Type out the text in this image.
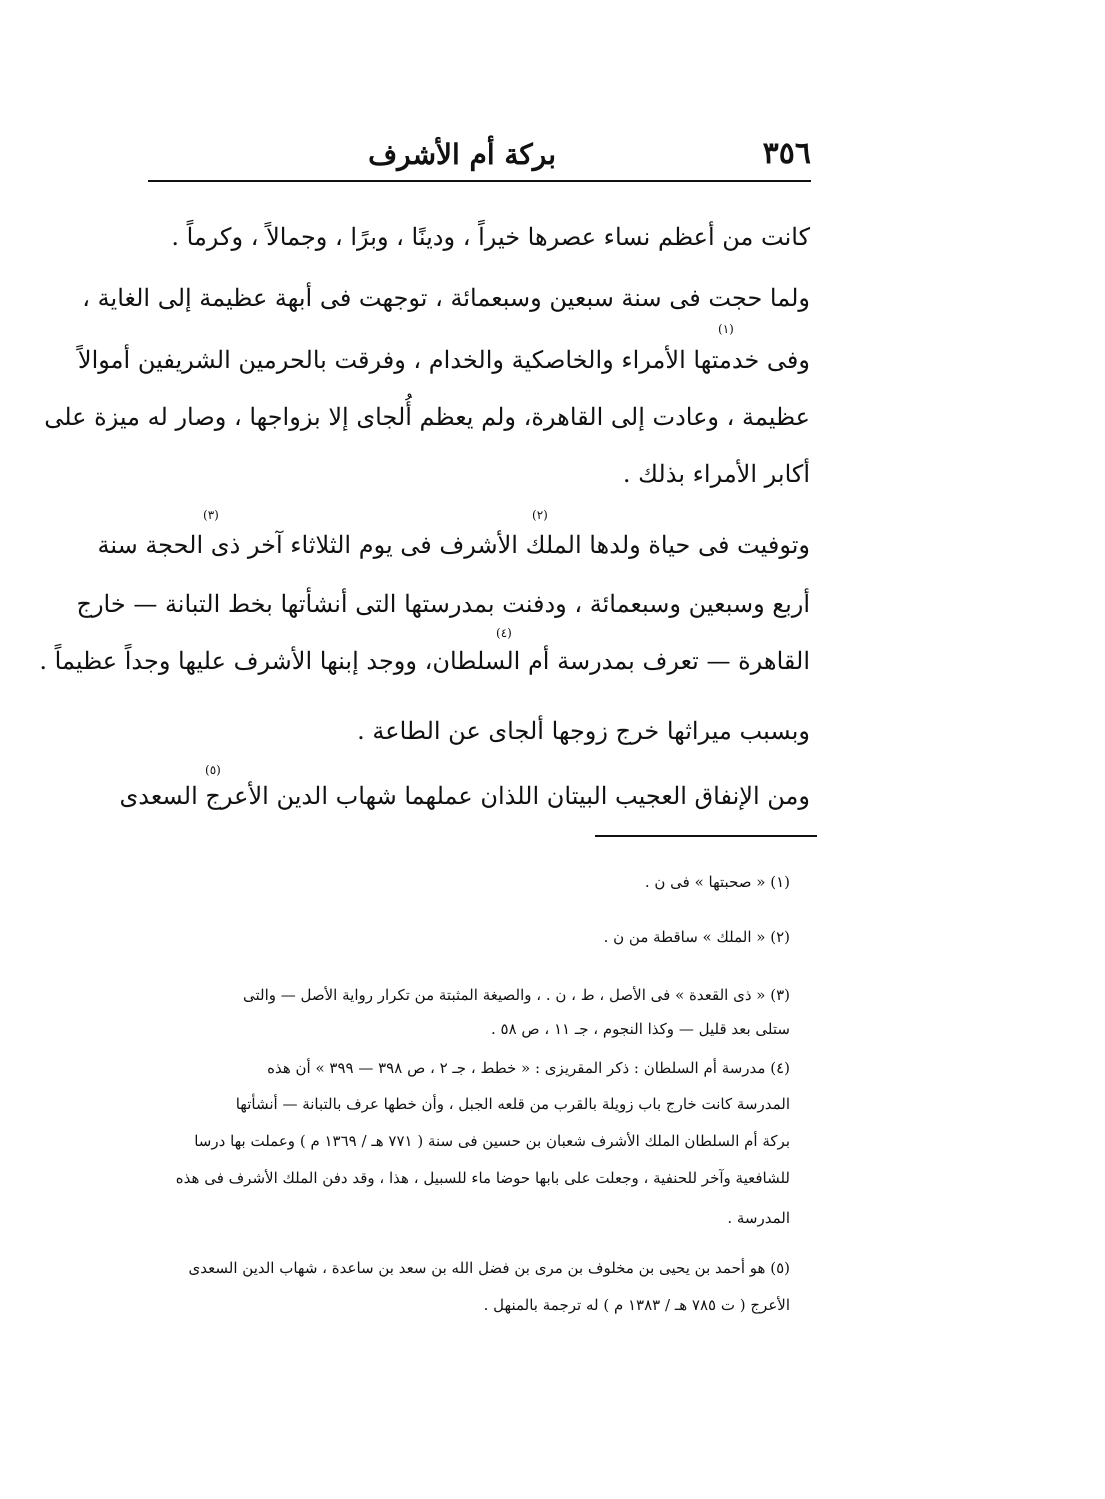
٣٥٦
بركة أم الأشرف
كانت من أعظم نساء عصرها خيراً ، ودينًا ، وبرًا ، وجمالاً ، وكرماً .
ولما حجت فى سنة سبعين وسبعمائة ، توجهت فى أبهة عظيمة إلى الغاية ،
وفى خدمتها الأمراء والخاصكية والخدام ، وفرقت بالحرمين الشريفين أموالاً
عظيمة ، وعادت إلى القاهرة، ولم يعظم أُلجاى إلا بزواجها ، وصار له ميزة على
أكابر الأمراء بذلك .
وتوفيت فى حياة ولدها الملك الأشرف فى يوم الثلاثاء آخر ذى الحجة سنة
أربع وسبعين وسبعمائة ، ودفنت بمدرستها التى أنشأتها بخط التبانة — خارج
القاهرة — تعرف بمدرسة أم السلطان، ووجد إبنها الأشرف عليها وجداً عظيماً .
وبسبب ميراثها خرج زوجها ألجاى عن الطاعة .
ومن الإنفاق العجيب البيتان اللذان عملهما شهاب الدين الأعرج السعدى
(١)
(٢)
(٣)
(٤)
(٥)
(١) « صحبتها » فى ن .
(٢) « الملك » ساقطة من ن .
(٣) « ذى القعدة » فى الأصل ، ط ، ن . ، والصيغة المثبتة من تكرار رواية الأصل — والتى
ستلى بعد قليل — وكذا النجوم ، جـ ١١ ، ص ٥٨ .
(٤) مدرسة أم السلطان : ذكر المقريزى : « خطط ، جـ ٢ ، ص ٣٩٨ — ٣٩٩ » أن هذه
المدرسة كانت خارج باب زويلة بالقرب من قلعه الجبل ، وأن خطها عرف بالتبانة — أنشأتها
بركة أم السلطان الملك الأشرف شعبان بن حسين فى سنة ( ٧٧١ هـ / ١٣٦٩ م ) وعملت بها درسا
للشافعية وآخر للحنفية ، وجعلت على بابها حوضا ماء للسبيل ، هذا ، وقد دفن الملك الأشرف فى هذه
المدرسة .
(٥) هو أحمد بن يحيى بن مخلوف بن مرى بن فضل الله بن سعد بن ساعدة ، شهاب الدين السعدى
الأعرج ( ت ٧٨٥ هـ / ١٣٨٣ م ) له ترجمة بالمنهل .
